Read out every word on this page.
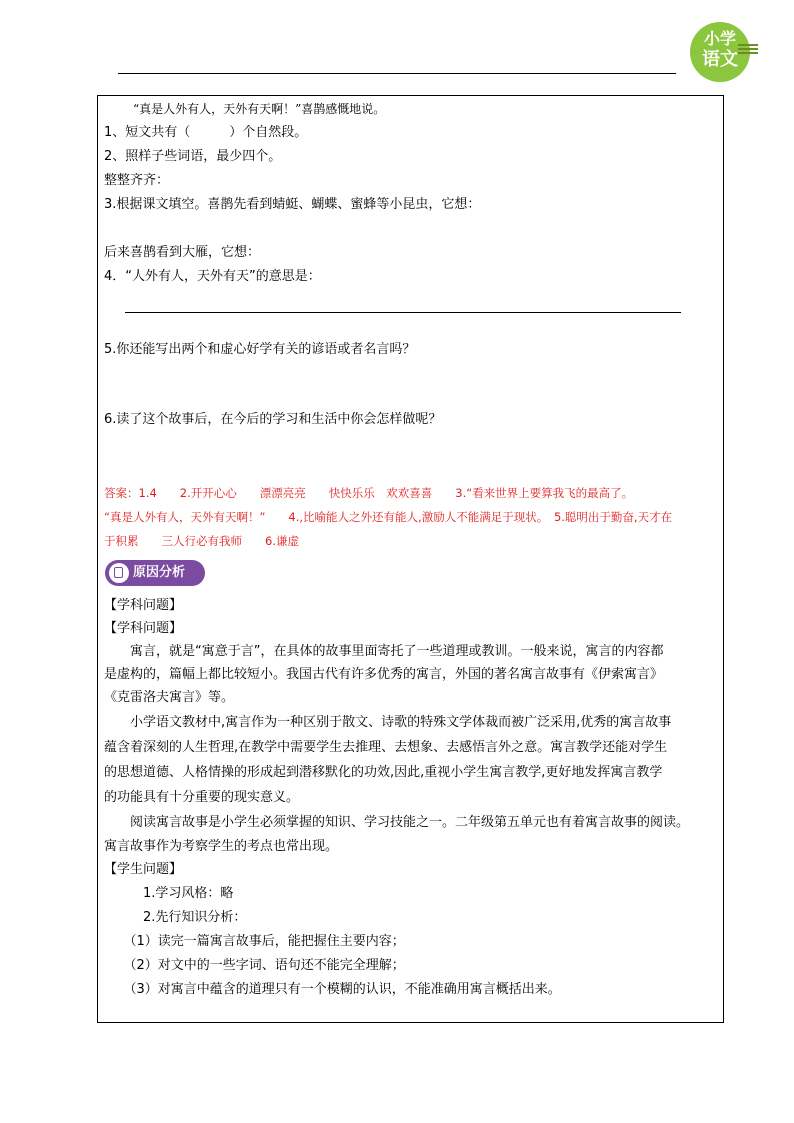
小学
语文
“真是人外有人，天外有天啊！”喜鹊感慨地说。
1、短文共有（　　　）个自然段。
2、照样子些词语，最少四个。
整整齐齐：
3.根据课文填空。喜鹊先看到蜻蜓、蝴蝶、蜜蜂等小昆虫，它想：
后来喜鹊看到大雁，它想：
4．“人外有人，天外有天”的意思是：
5.你还能写出两个和虚心好学有关的谚语或者名言吗？
6.读了这个故事后，在今后的学习和生活中你会怎样做呢？
答案：1.4　　2.开开心心　　漂漂亮亮　　快快乐乐　欢欢喜喜　　3.“看来世界上要算我飞的最高了。
“真是人外有人，天外有天啊！”　　4.,比喻能人之外还有能人,激励人不能满足于现状。　5.聪明出于勤奋,天才在
于积累　　三人行必有我师　　6.谦虚
原因分析
【学科问题】
【学科问题】
　　寓言，就是“寓意于言”，在具体的故事里面寄托了一些道理或教训。一般来说，寓言的内容都
是虚构的，篇幅上都比较短小。我国古代有许多优秀的寓言，外国的著名寓言故事有《伊索寓言》
《克雷洛夫寓言》等。
　　小学语文教材中,寓言作为一种区别于散文、诗歌的特殊文学体裁而被广泛采用,优秀的寓言故事
蕴含着深刻的人生哲理,在教学中需要学生去推理、去想象、去感悟言外之意。寓言教学还能对学生
的思想道德、人格情操的形成起到潜移默化的功效,因此,重视小学生寓言教学,更好地发挥寓言教学
的功能具有十分重要的现实意义。
　　阅读寓言故事是小学生必须掌握的知识、学习技能之一。二年级第五单元也有着寓言故事的阅读。
寓言故事作为考察学生的考点也常出现。
【学生问题】
　　　1.学习风格：略
　　　2.先行知识分析：
　　（1）读完一篇寓言故事后，能把握住主要内容；
　　（2）对文中的一些字词、语句还不能完全理解；
　　（3）对寓言中蕴含的道理只有一个模糊的认识，不能准确用寓言概括出来。
